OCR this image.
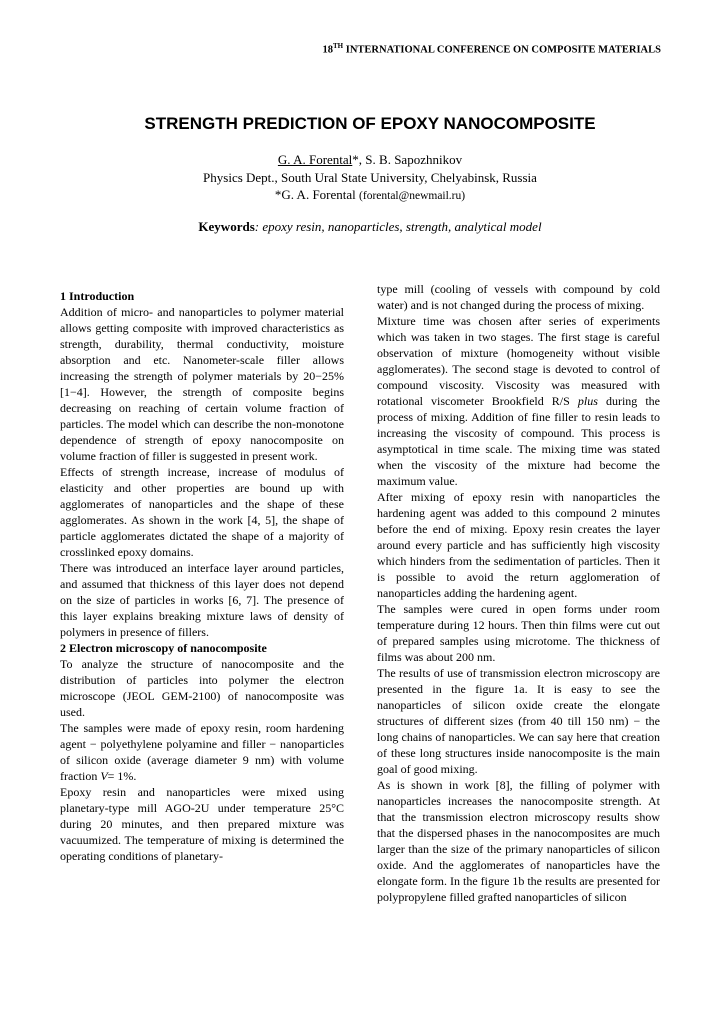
18TH INTERNATIONAL CONFERENCE ON COMPOSITE MATERIALS
STRENGTH PREDICTION OF EPOXY NANOCOMPOSITE
G. A. Forental*, S. B. Sapozhnikov
Physics Dept., South Ural State University, Chelyabinsk, Russia
*G. A. Forental (forental@newmail.ru)
Keywords: epoxy resin, nanoparticles, strength, analytical model

1 Introduction

Addition of micro- and nanoparticles to polymer material allows getting composite with improved characteristics as strength, durability, thermal conductivity, moisture absorption and etc. Nanometer-scale filler allows increasing the strength of polymer materials by 20−25% [1−4]. However, the strength of composite begins decreasing on reaching of certain volume fraction of particles. The model which can describe the non-monotone dependence of strength of epoxy nanocomposite on volume fraction of filler is suggested in present work.

Effects of strength increase, increase of modulus of elasticity and other properties are bound up with agglomerates of nanoparticles and the shape of these agglomerates. As shown in the work [4, 5], the shape of particle agglomerates dictated the shape of a majority of crosslinked epoxy domains.

There was introduced an interface layer around particles, and assumed that thickness of this layer does not depend on the size of particles in works [6, 7]. The presence of this layer explains breaking mixture laws of density of polymers in presence of fillers.

2 Electron microscopy of nanocomposite

To analyze the structure of nanocomposite and the distribution of particles into polymer the electron microscope (JEOL GEM-2100) of nanocomposite was used.

The samples were made of epoxy resin, room hardening agent − polyethylene polyamine and filler − nanoparticles of silicon oxide (average diameter 9 nm) with volume fraction V= 1%.

Epoxy resin and nanoparticles were mixed using planetary-type mill AGO-2U under temperature 25°C during 20 minutes, and then prepared mixture was vacuumized. The temperature of mixing is determined the operating conditions of planetary-

type mill (cooling of vessels with compound by cold water) and is not changed during the process of mixing.

Mixture time was chosen after series of experiments which was taken in two stages. The first stage is careful observation of mixture (homogeneity without visible agglomerates). The second stage is devoted to control of compound viscosity. Viscosity was measured with rotational viscometer Brookfield R/S plus during the process of mixing. Addition of fine filler to resin leads to increasing the viscosity of compound. This process is asymptotical in time scale. The mixing time was stated when the viscosity of the mixture had become the maximum value.

After mixing of epoxy resin with nanoparticles the hardening agent was added to this compound 2 minutes before the end of mixing. Epoxy resin creates the layer around every particle and has sufficiently high viscosity which hinders from the sedimentation of particles. Then it is possible to avoid the return agglomeration of nanoparticles adding the hardening agent.

The samples were cured in open forms under room temperature during 12 hours. Then thin films were cut out of prepared samples using microtome. The thickness of films was about 200 nm.

The results of use of transmission electron microscopy are presented in the figure 1a. It is easy to see the nanoparticles of silicon oxide create the elongate structures of different sizes (from 40 till 150 nm) − the long chains of nanoparticles. We can say here that creation of these long structures inside nanocomposite is the main goal of good mixing.

As is shown in work [8], the filling of polymer with nanoparticles increases the nanocomposite strength. At that the transmission electron microscopy results show that the dispersed phases in the nanocomposites are much larger than the size of the primary nanoparticles of silicon oxide. And the agglomerates of nanoparticles have the elongate form. In the figure 1b the results are presented for polypropylene filled grafted nanoparticles of silicon
